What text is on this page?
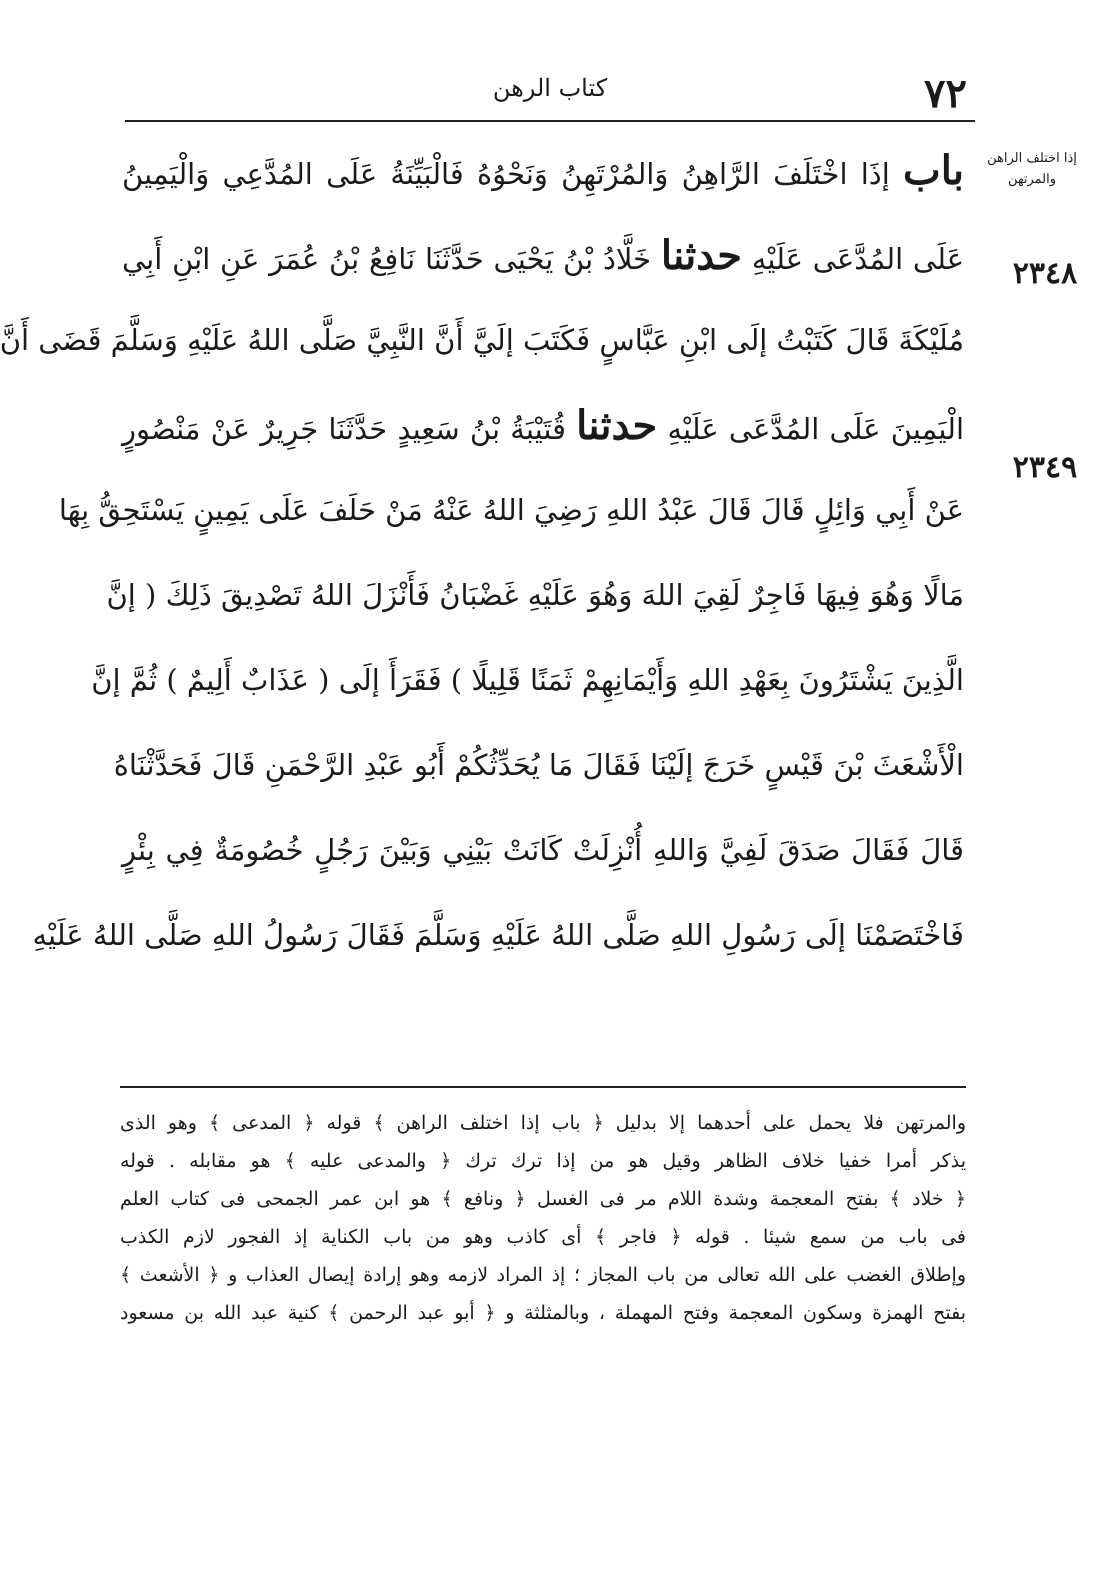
٧٢
كتاب الرهن
إذا اختلف الراهن والمرتهن
٢٣٤٨
٢٣٤٩
باب إذَا اخْتَلَفَ الرَّاهِنُ وَالمُرْتَهِنُ وَنَحْوُهُ فَالْبَيِّنَةُ عَلَى المُدَّعِي وَالْيَمِينُ
عَلَى المُدَّعَى عَلَيْهِ حدثنا خَلَّادُ بْنُ يَحْيَى حَدَّثَنَا نَافِعُ بْنُ عُمَرَ عَنِ ابْنِ أَبِي
مُلَيْكَةَ قَالَ كَتَبْتُ إلَى ابْنِ عَبَّاسٍ فَكَتَبَ إلَيَّ أَنَّ النَّبِيَّ صَلَّى اللهُ عَلَيْهِ وَسَلَّمَ قَضَى أَنَّ
الْيَمِينَ عَلَى المُدَّعَى عَلَيْهِ حدثنا قُتَيْبَةُ بْنُ سَعِيدٍ حَدَّثَنَا جَرِيرٌ عَنْ مَنْصُورٍ
عَنْ أَبِي وَائِلٍ قَالَ قَالَ عَبْدُ اللهِ رَضِيَ اللهُ عَنْهُ مَنْ حَلَفَ عَلَى يَمِينٍ يَسْتَحِقُّ بِهَا
مَالًا وَهُوَ فِيهَا فَاجِرٌ لَقِيَ اللهَ وَهُوَ عَلَيْهِ غَضْبَانُ فَأَنْزَلَ اللهُ تَصْدِيقَ ذَلِكَ ( إنَّ
الَّذِينَ يَشْتَرُونَ بِعَهْدِ اللهِ وَأَيْمَانِهِمْ ثَمَنًا قَلِيلًا ) فَقَرَأَ إلَى ( عَذَابٌ أَلِيمٌ ) ثُمَّ إنَّ
الْأَشْعَثَ بْنَ قَيْسٍ خَرَجَ إلَيْنَا فَقَالَ مَا يُحَدِّثُكُمْ أَبُو عَبْدِ الرَّحْمَنِ قَالَ فَحَدَّثْنَاهُ
قَالَ فَقَالَ صَدَقَ لَفِيَّ وَاللهِ أُنْزِلَتْ كَانَتْ بَيْنِي وَبَيْنَ رَجُلٍ خُصُومَةٌ فِي بِئْرٍ
فَاخْتَصَمْنَا إلَى رَسُولِ اللهِ صَلَّى اللهُ عَلَيْهِ وَسَلَّمَ فَقَالَ رَسُولُ اللهِ صَلَّى اللهُ عَلَيْهِ
والمرتهن فلا يحمل على أحدهما إلا بدليل ﴿ باب إذا اختلف الراهن ﴾ قوله ﴿ المدعى ﴾ وهو الذى
يذكر أمرا خفيا خلاف الظاهر وقيل هو من إذا ترك ترك ﴿ والمدعى عليه ﴾ هو مقابله . قوله
﴿ خلاد ﴾ بفتح المعجمة وشدة اللام مر فى الغسل ﴿ ونافع ﴾ هو ابن عمر الجمحى فى كتاب العلم
فى باب من سمع شيئا . قوله ﴿ فاجر ﴾ أى كاذب وهو من باب الكناية إذ الفجور لازم الكذب
وإطلاق الغضب على الله تعالى من باب المجاز ؛ إذ المراد لازمه وهو إرادة إيصال العذاب و ﴿ الأشعث ﴾
بفتح الهمزة وسكون المعجمة وفتح المهملة ، وبالمثلثة و ﴿ أبو عبد الرحمن ﴾ كنية عبد الله بن مسعود
